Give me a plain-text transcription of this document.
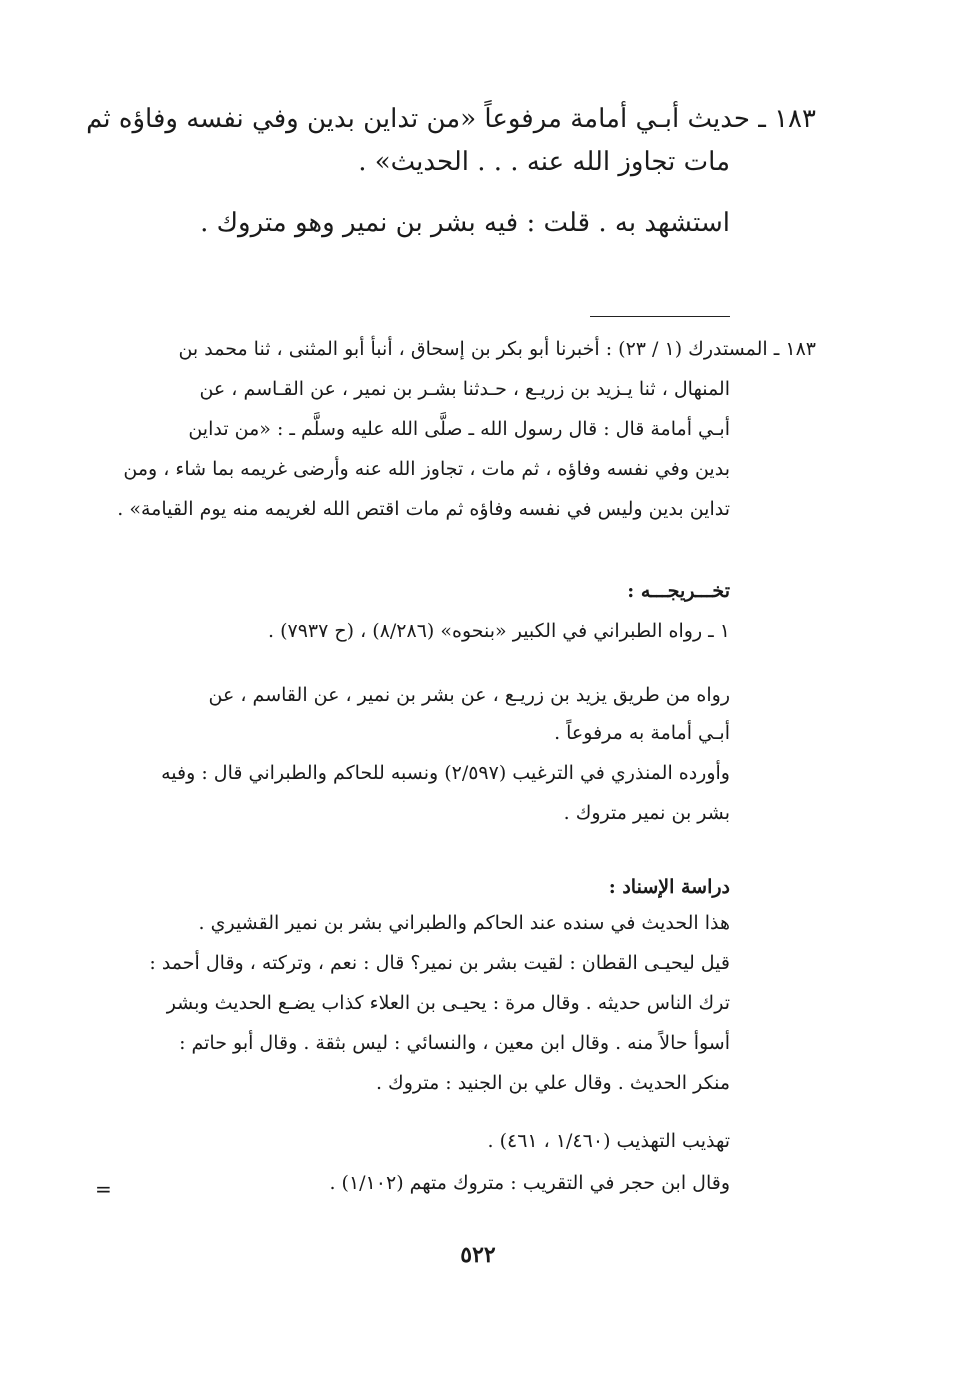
١٨٣ ـ حديث أبـي أمامة مرفوعاً «من تداين بدين وفي نفسه وفاؤه ثم
مات تجاوز الله عنه . . . الحديث» .
استشهد به . قلت : فيه بشر بن نمير وهو متروك .
١٨٣ ـ المستدرك (١ / ٢٣) : أخبرنا أبو بكر بن إسحاق ، أنبأ أبو المثنى ، ثنا محمد بن
المنهال ، ثنا يـزيد بن زريـع ، حـدثنا بشـر بن نمير ، عن القـاسم ، عن
أبـي أمامة قال : قال رسول الله ـ صلَّى الله عليه وسلَّم ـ : «من تداين
بدين وفي نفسه وفاؤه ، ثم مات ، تجاوز الله عنه وأرضى غريمه بما شاء ، ومن
تداين بدين وليس في نفسه وفاؤه ثم مات اقتص الله لغريمه منه يوم القيامة» .
تخـــريجـــه :
١ ـ رواه الطبراني في الكبير «بنحوه» (٨/٢٨٦) ، (ح ٧٩٣٧) .
رواه من طريق يزيد بن زريـع ، عن بشر بن نمير ، عن القاسم ، عن
أبـي أمامة به مرفوعاً .
وأورده المنذري في الترغيب (٢/٥٩٧) ونسبه للحاكم والطبراني قال : وفيه
بشر بن نمير متروك .
دراسة الإسناد :
هذا الحديث في سنده عند الحاكم والطبراني بشر بن نمير القشيري .
قيل ليحيـى القطان : لقيت بشر بن نمير؟ قال : نعم ، وتركته ، وقال أحمد :
ترك الناس حديثه . وقال مرة : يحيـى بن العلاء كذاب يضـع الحديث وبشر
أسوأ حالاً منه . وقال ابن معين ، والنسائي : ليس بثقة . وقال أبو حاتم :
منكر الحديث . وقال علي بن الجنيد : متروك .
تهذيب التهذيب (١/٤٦٠ ، ٤٦١) .
وقال ابن حجر في التقريب : متروك متهم (١/١٠٢) .
=
٥٢٢
